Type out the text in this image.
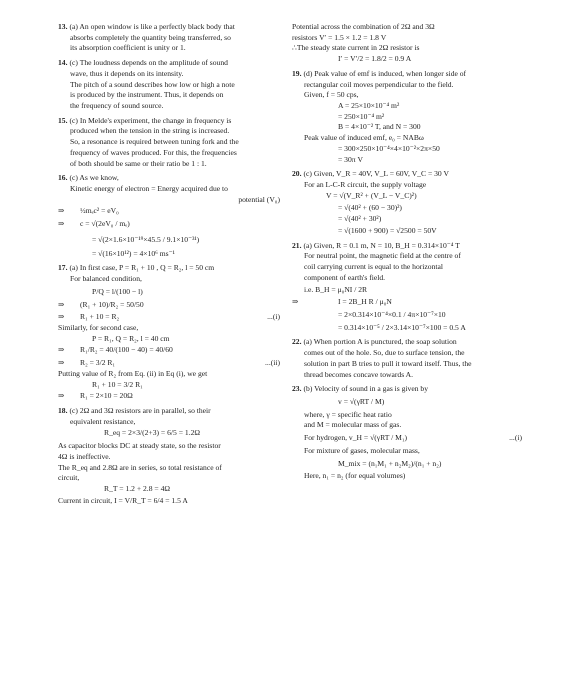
13. (a) An open window is like a perfectly black body that
absorbs completely the quantity being transferred, so
its absorption coefficient is unity or 1.
14. (c) The loudness depends on the amplitude of sound
wave, thus it depends on its intensity.
The pitch of a sound describes how low or high a note
is produced by the instrument. Thus, it depends on
the frequency of sound source.
15. (c) In Melde's experiment, the change in frequency is
produced when the tension in the string is increased.
So, a resonance is required between tuning fork and the
frequency of waves produced. For this, the frequencies
of both should be same or their ratio be 1 : 1.
16. (c) As we know,
Kinetic energy of electron = Energy acquired due to
potential (V₀)
⇒	½mₑc² = eV₀
⇒	c = √(2eV₀ / mₑ)
= √(2×1.6×10⁻¹⁹×45.5 / 9.1×10⁻³¹)
= √(16×10¹²) = 4×10⁶ ms⁻¹
17. (a) In first case, P = R₁ + 10 , Q = R₂, l = 50 cm
For balanced condition,
P/Q = l/(100 − l)
⇒	(R₁ + 10)/R₂ = 50/50
⇒	R₁ + 10 = R₂	...(i)
Similarly, for second case,
P = R₁, Q = R₂, l = 40 cm
⇒	R₁/R₂ = 40/(100 − 40) = 40/60
⇒	R₂ = 3/2 R₁	...(ii)
Putting value of R₂ from Eq. (ii) in Eq (i), we get
R₁ + 10 = 3/2 R₁
⇒	R₁ = 2×10 = 20Ω
18. (c) 2Ω and 3Ω resistors are in parallel, so their
equivalent resistance,
R_eq = 2×3/(2+3) = 6/5 = 1.2Ω
As capacitor blocks DC at steady state, so the resistor
4Ω is ineffective.
The R_eq and 2.8Ω are in series, so total resistance of
circuit,
R_T = 1.2 + 2.8 = 4Ω
Current in circuit, I = V/R_T = 6/4 = 1.5 A
Potential across the combination of 2Ω and 3Ω
resistors V′ = 1.5 × 1.2 = 1.8 V
∴The steady state current in 2Ω resistor is
I′ = V′/2 = 1.8/2 = 0.9 A
19. (d) Peak value of emf is induced, when longer side of
rectangular coil moves perpendicular to the field.
Given, f = 50 cps,
A = 25×10×10⁻⁴ m²
= 250×10⁻⁴ m²
B = 4×10⁻² T, and N = 300
Peak value of induced emf, e₀ = NABω
= 300×250×10⁻⁴×4×10⁻²×2π×50
= 30π V
20. (c) Given, V_R = 40V, V_L = 60V, V_C = 30 V
For an L-C-R circuit, the supply voltage
V = √(V_R² + (V_L − V_C)²)
= √(40² + (60 − 30)²)
= √(40² + 30²)
= √(1600 + 900) = √2500 = 50V
21. (a) Given, R = 0.1 m, N = 10, B_H = 0.314×10⁻⁴ T
For neutral point, the magnetic field at the centre of
coil carrying current is equal to the horizontal
component of earth's field.
i.e. B_H = μ₀NI / 2R
⇒	I = 2B_H R / μ₀N
= 2×0.314×10⁻⁴×0.1 / 4π×10⁻⁷×10
= 0.314×10⁻⁵ / 2×3.14×10⁻⁷×100 = 0.5 A
22. (a) When portion A is punctured, the soap solution
comes out of the hole. So, due to surface tension, the
solution in part B tries to pull it toward itself. Thus, the
thread becomes concave towards A.
23. (b) Velocity of sound in a gas is given by
v = √(γRT / M)
where, γ = specific heat ratio
and M = molecular mass of gas.
For hydrogen, v_H = √(γRT / M₁)	...(i)
For mixture of gases, molecular mass,
M_mix = (n₁M₁ + n₂M₂)/(n₁ + n₂)
Here, n₁ = n₂ (for equal volumes)
